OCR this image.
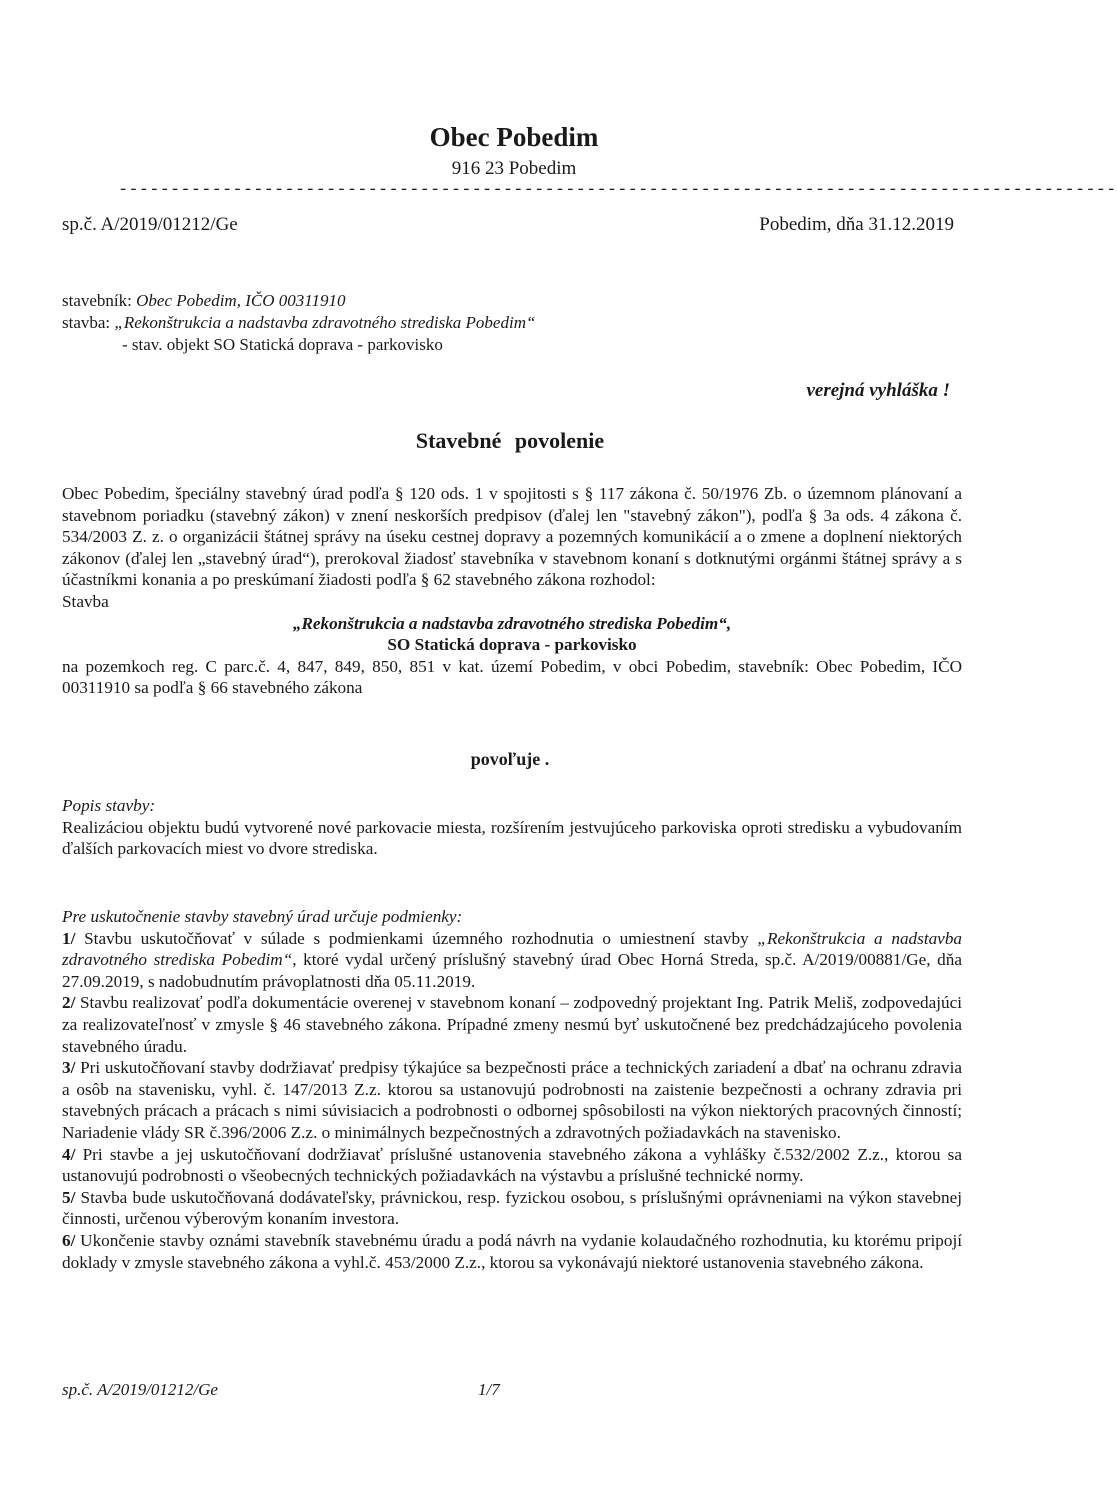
Obec Pobedim
916 23 Pobedim
------------------------------------------------------------------------------------------------
sp.č. A/2019/01212/Ge	Pobedim, dňa 31.12.2019
stavebník: Obec Pobedim, IČO 00311910
stavba: „Rekonštrukcia a nadstavba zdravotného strediska Pobedim“
- stav. objekt SO Statická doprava - parkovisko
verejná vyhláška !
Stavebné povolenie
Obec Pobedim, špeciálny stavebný úrad podľa § 120 ods. 1 v spojitosti s § 117 zákona č. 50/1976 Zb. o územnom plánovaní a stavebnom poriadku (stavebný zákon) v znení neskorších predpisov (ďalej len "stavebný zákon"), podľa § 3a ods. 4 zákona č. 534/2003 Z. z. o organizácii štátnej správy na úseku cestnej dopravy a pozemných komunikácií a o zmene a doplnení niektorých zákonov (ďalej len „stavebný úrad“), prerokoval žiadosť stavebníka v stavebnom konaní s dotknutými orgánmi štátnej správy a s účastníkmi konania a po preskúmaní žiadosti podľa § 62 stavebného zákona rozhodol:
Stavba
„Rekonštrukcia a nadstavba zdravotného strediska Pobedim“,
SO Statická doprava - parkovisko
na pozemkoch reg. C parc.č. 4, 847, 849, 850, 851 v kat. území Pobedim, v obci Pobedim, stavebník: Obec Pobedim, IČO 00311910 sa podľa § 66 stavebného zákona
povoľuje .
Popis stavby:
Realizáciou objektu budú vytvorené nové parkovacie miesta, rozšírením jestvujúceho parkoviska oproti stredisku a vybudovaním ďalších parkovacích miest vo dvore strediska.
Pre uskutočnenie stavby stavebný úrad určuje podmienky:
1/ Stavbu uskutočňovať v súlade s podmienkami územného rozhodnutia o umiestnení stavby „Rekonštrukcia a nadstavba zdravotného strediska Pobedim“, ktoré vydal určený príslušný stavebný úrad Obec Horná Streda, sp.č. A/2019/00881/Ge, dňa 27.09.2019, s nadobudnutím právoplatnosti dňa 05.11.2019.
2/ Stavbu realizovať podľa dokumentácie overenej v stavebnom konaní – zodpovedný projektant Ing. Patrik Meliš, zodpovedajúci za realizovateľnosť v zmysle § 46 stavebného zákona. Prípadné zmeny nesmú byť uskutočnené bez predchádzajúceho povolenia stavebného úradu.
3/ Pri uskutočňovaní stavby dodržiavať predpisy týkajúce sa bezpečnosti práce a technických zariadení a dbať na ochranu zdravia a osôb na stavenisku, vyhl. č. 147/2013 Z.z. ktorou sa ustanovujú podrobnosti na zaistenie bezpečnosti a ochrany zdravia pri stavebných prácach a prácach s nimi súvisiacich a podrobnosti o odbornej spôsobilosti na výkon niektorých pracovných činností; Nariadenie vlády SR č.396/2006 Z.z. o minimálnych bezpečnostných a zdravotných požiadavkách na stavenisko.
4/ Pri stavbe a jej uskutočňovaní dodržiavať príslušné ustanovenia stavebného zákona a vyhlášky č.532/2002 Z.z., ktorou sa ustanovujú podrobnosti o všeobecných technických požiadavkách na výstavbu a príslušné technické normy.
5/ Stavba bude uskutočňovaná dodávateľsky, právnickou, resp. fyzickou osobou, s príslušnými oprávneniami na výkon stavebnej činnosti, určenou výberovým konaním investora.
6/ Ukončenie stavby oznámi stavebník stavebnému úradu a podá návrh na vydanie kolaudačného rozhodnutia, ku ktorému pripojí doklady v zmysle stavebného zákona a vyhl.č. 453/2000 Z.z., ktorou sa vykonávajú niektoré ustanovenia stavebného zákona.
sp.č. A/2019/01212/Ge	1/7
